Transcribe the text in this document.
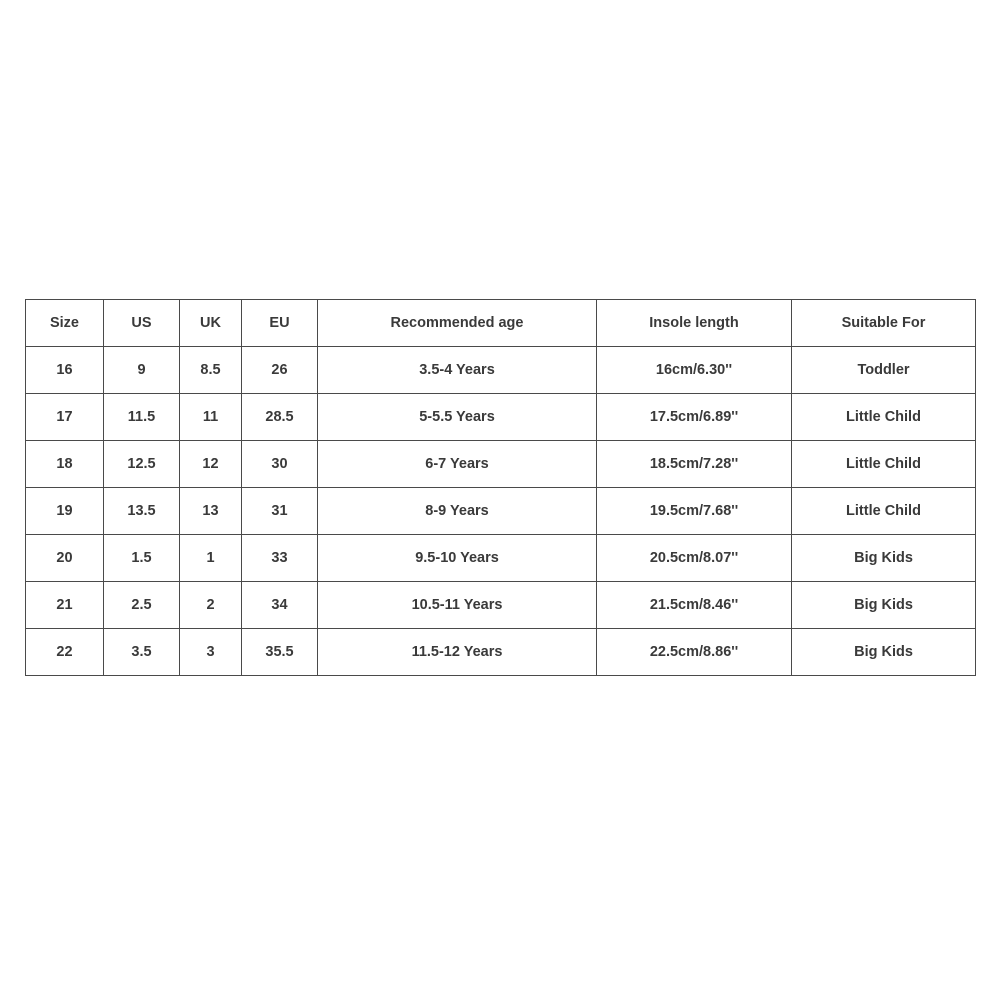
Size	US	UK	EU	Recommended age	Insole length	Suitable For
16	9	8.5	26	3.5-4 Years	16cm/6.30''	Toddler
17	11.5	11	28.5	5-5.5 Years	17.5cm/6.89''	Little Child
18	12.5	12	30	6-7 Years	18.5cm/7.28''	Little Child
19	13.5	13	31	8-9 Years	19.5cm/7.68''	Little Child
20	1.5	1	33	9.5-10 Years	20.5cm/8.07''	Big Kids
21	2.5	2	34	10.5-11 Years	21.5cm/8.46''	Big Kids
22	3.5	3	35.5	11.5-12 Years	22.5cm/8.86''	Big Kids
